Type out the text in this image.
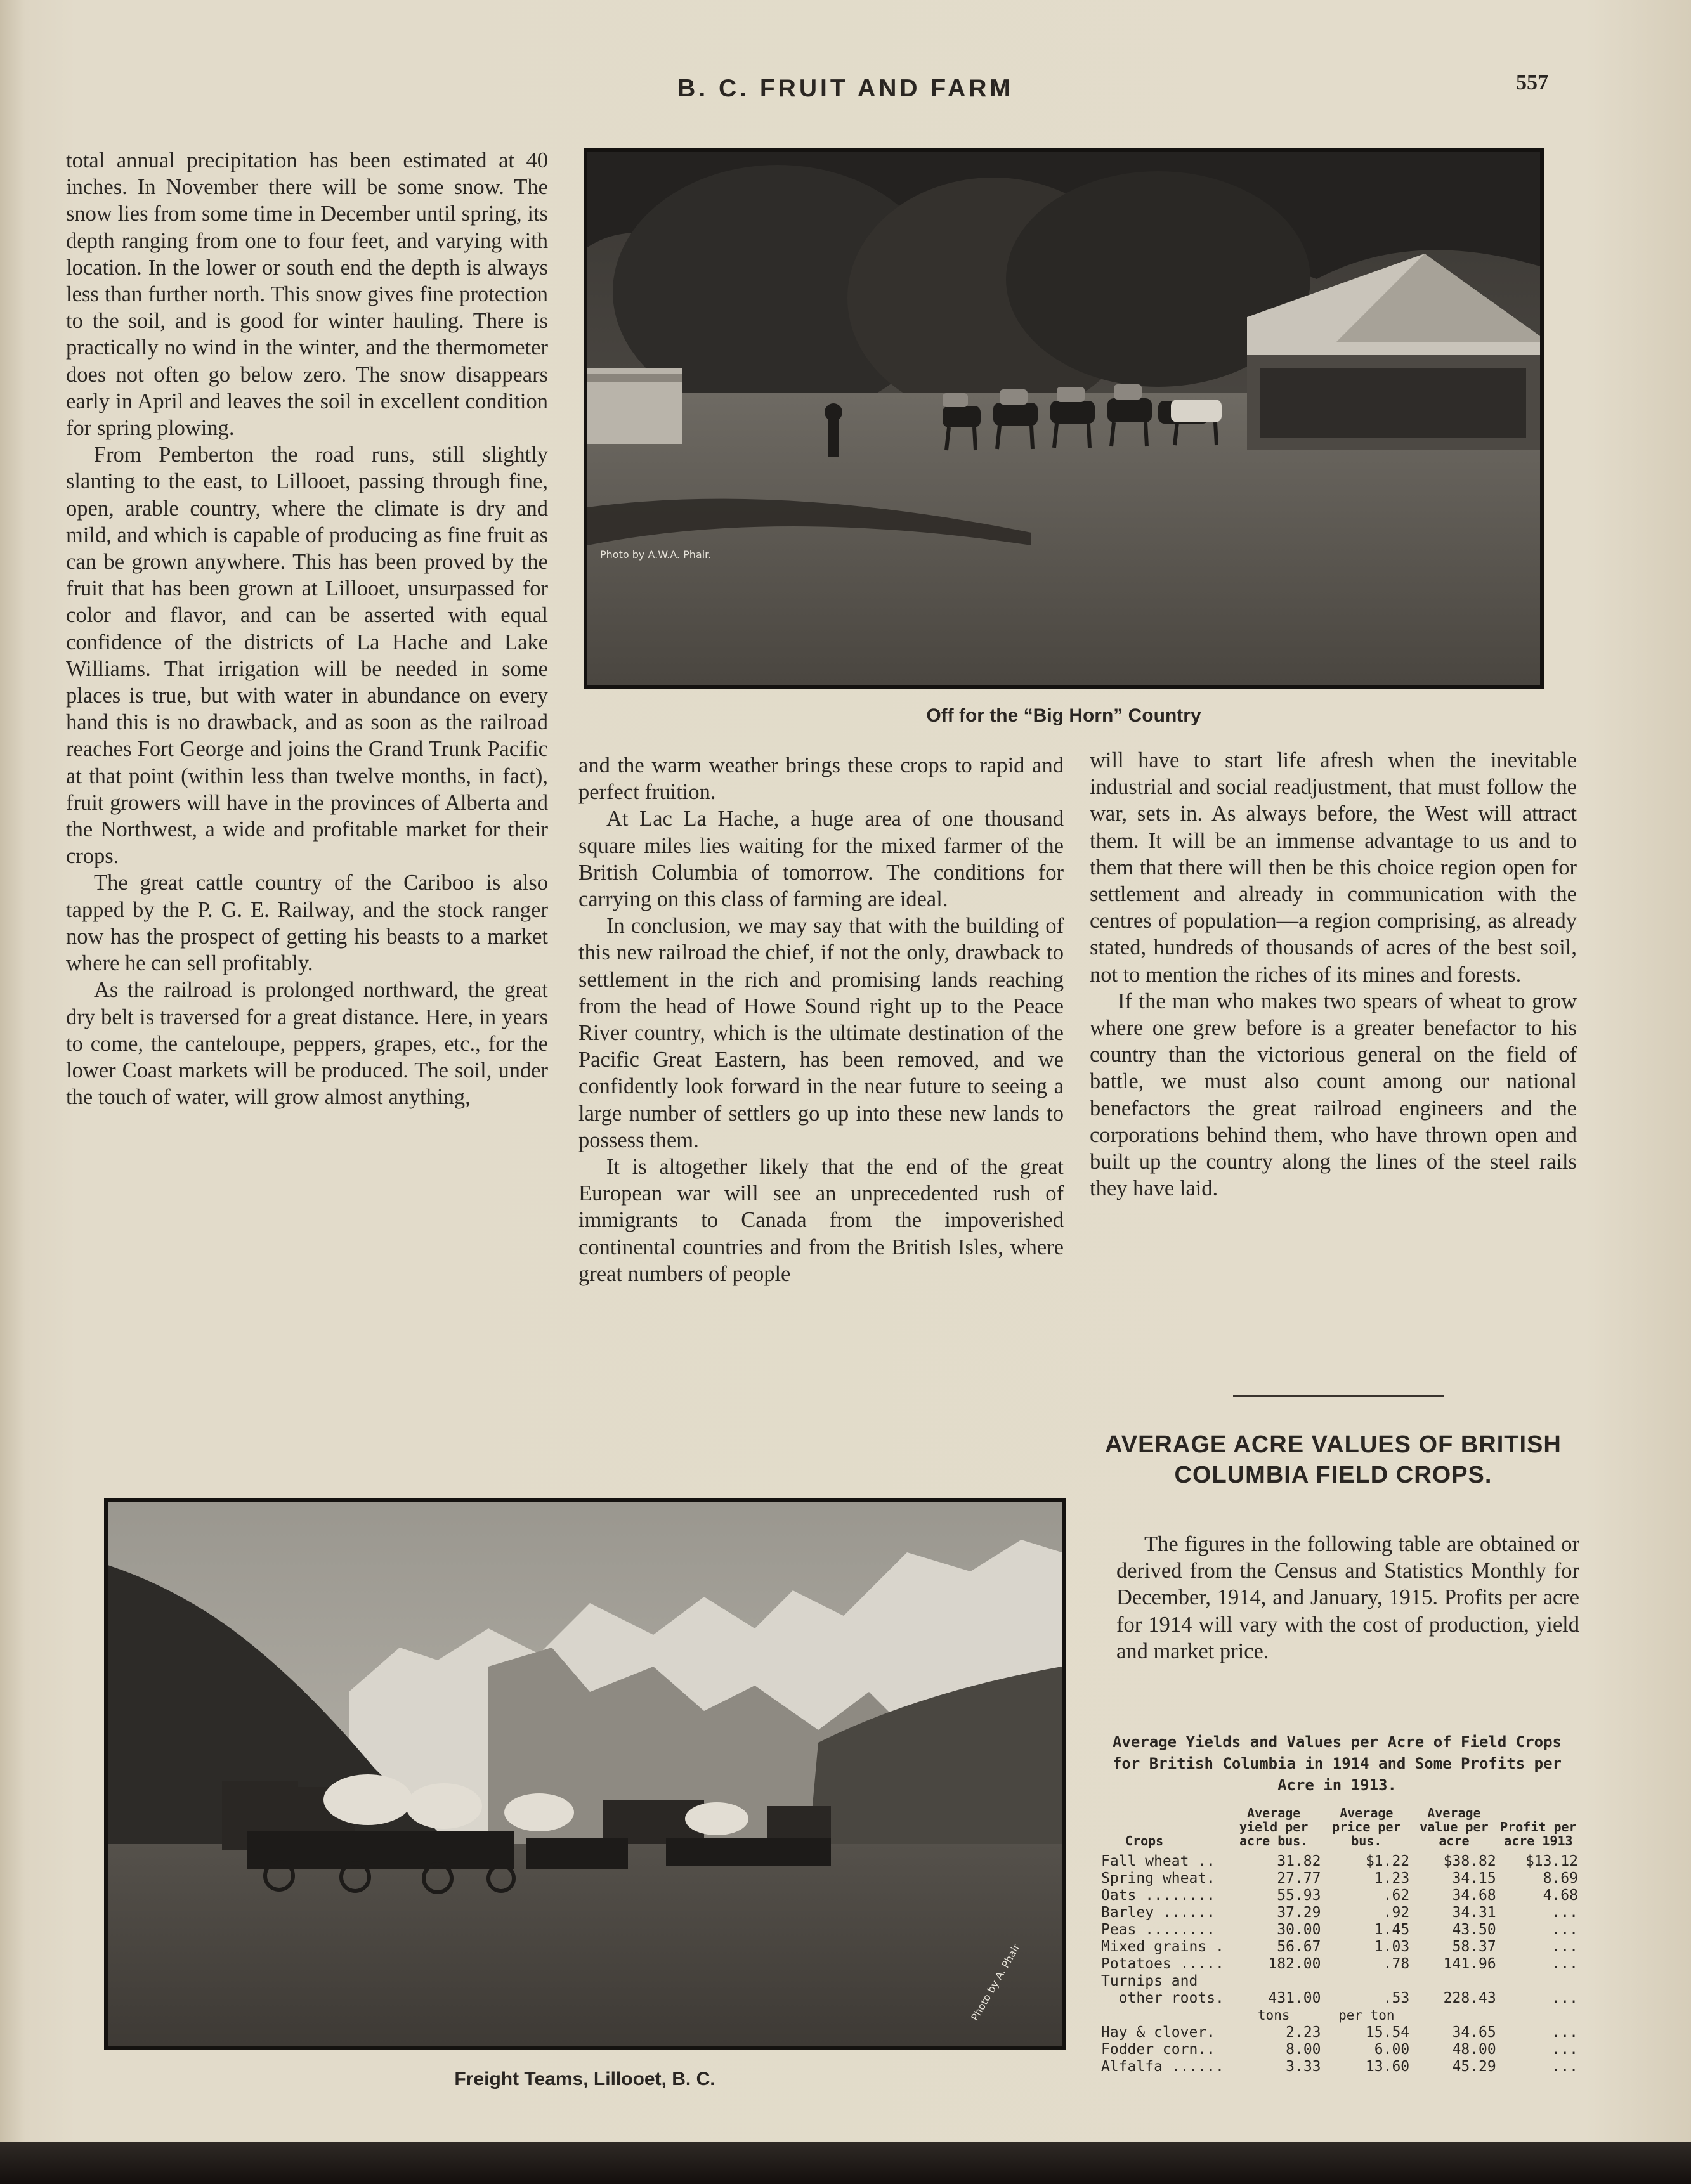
B. C. FRUIT AND FARM	557

total annual precipitation has been estimated at 40 inches. In November there will be some snow. The snow lies from some time in December until spring, its depth ranging from one to four feet, and varying with location. In the lower or south end the depth is always less than further north. This snow gives fine protection to the soil, and is good for winter hauling. There is practically no wind in the winter, and the thermometer does not often go below zero. The snow disappears early in April and leaves the soil in excellent condition for spring plowing.

From Pemberton the road runs, still slightly slanting to the east, to Lillooet, passing through fine, open, arable country, where the climate is dry and mild, and which is capable of producing as fine fruit as can be grown anywhere. This has been proved by the fruit that has been grown at Lillooet, unsurpassed for color and flavor, and can be asserted with equal confidence of the districts of La Hache and Lake Williams. That irrigation will be needed in some places is true, but with water in abundance on every hand this is no drawback, and as soon as the railroad reaches Fort George and joins the Grand Trunk Pacific at that point (within less than twelve months, in fact), fruit growers will have in the provinces of Alberta and the Northwest, a wide and profitable market for their crops.

The great cattle country of the Cariboo is also tapped by the P. G. E. Railway, and the stock ranger now has the prospect of getting his beasts to a market where he can sell profitably.

As the railroad is prolonged northward, the great dry belt is traversed for a great distance. Here, in years to come, the canteloupe, peppers, grapes, etc., for the lower Coast markets will be produced. The soil, under the touch of water, will grow almost anything,

Photo by A.W.A. Phair.
Off for the “Big Horn” Country

and the warm weather brings these crops to rapid and perfect fruition.

At Lac La Hache, a huge area of one thousand square miles lies waiting for the mixed farmer of the British Columbia of tomorrow. The conditions for carrying on this class of farming are ideal.

In conclusion, we may say that with the building of this new railroad the chief, if not the only, drawback to settlement in the rich and promising lands reaching from the head of Howe Sound right up to the Peace River country, which is the ultimate destination of the Pacific Great Eastern, has been removed, and we confidently look forward in the near future to seeing a large number of settlers go up into these new lands to possess them.

It is altogether likely that the end of the great European war will see an unprecedented rush of immigrants to Canada from the impoverished continental countries and from the British Isles, where great numbers of people

will have to start life afresh when the inevitable industrial and social readjustment, that must follow the war, sets in. As always before, the West will attract them. It will be an immense advantage to us and to them that there will then be this choice region open for settlement and already in communication with the centres of population—a region comprising, as already stated, hundreds of thousands of acres of the best soil, not to mention the riches of its mines and forests.

If the man who makes two spears of wheat to grow where one grew before is a greater benefactor to his country than the victorious general on the field of battle, we must also count among our national benefactors the great railroad engineers and the corporations behind them, who have thrown open and built up the country along the lines of the steel rails they have laid.

AVERAGE ACRE VALUES OF BRITISH COLUMBIA FIELD CROPS.

The figures in the following table are obtained or derived from the Census and Statistics Monthly for December, 1914, and January, 1915. Profits per acre for 1914 will vary with the cost of production, yield and market price.

Average Yields and Values per Acre of Field Crops for British Columbia in 1914 and Some Profits per Acre in 1913.
Crops	Average yield per acre bus.	Average price per bus.	Average value per acre	Profit per acre 1913
Fall wheat ..	31.82	$1.22	$38.82	$13.12
Spring wheat.	27.77	1.23	34.15	8.69
Oats ........	55.93	.62	34.68	4.68
Barley ......	37.29	.92	34.31	...
Peas ........	30.00	1.45	43.50	...
Mixed grains .	56.67	1.03	58.37	...
Potatoes .....	182.00	.78	141.96	...
Turnips and				
other roots.	431.00	.53	228.43	...
	tons	per ton		
Hay & clover.	2.23	15.54	34.65	...
Fodder corn..	8.00	6.00	48.00	...
Alfalfa ......	3.33	13.60	45.29	...
Photo by A. Phair
Freight Teams, Lillooet, B. C.
